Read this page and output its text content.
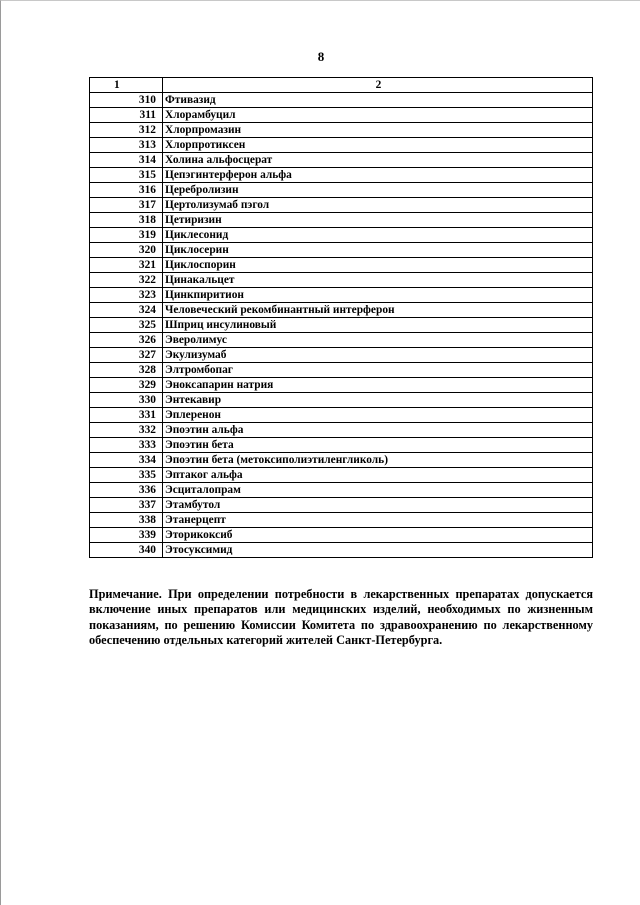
8
1	2
310	Фтивазид
311	Хлорамбуцил
312	Хлорпромазин
313	Хлорпротиксен
314	Холина альфосцерат
315	Цепэгинтерферон альфа
316	Церебролизин
317	Цертолизумаб пэгол
318	Цетиризин
319	Циклесонид
320	Циклосерин
321	Циклоспорин
322	Цинакальцет
323	Цинкпиритион
324	Человеческий рекомбинантный интерферон
325	Шприц инсулиновый
326	Эверолимус
327	Экулизумаб
328	Элтромбопаг
329	Эноксапарин натрия
330	Энтекавир
331	Эплеренон
332	Эпоэтин альфа
333	Эпоэтин бета
334	Эпоэтин бета (метоксиполиэтиленгликоль)
335	Эптаког альфа
336	Эсциталопрам
337	Этамбутол
338	Этанерцепт
339	Эторикоксиб
340	Этосуксимид
Примечание. При определении потребности в лекарственных препаратах допускается включение иных препаратов или медицинских изделий, необходимых по жизненным показаниям, по решению Комиссии Комитета по здравоохранению по лекарственному обеспечению отдельных категорий жителей Санкт-Петербурга.
